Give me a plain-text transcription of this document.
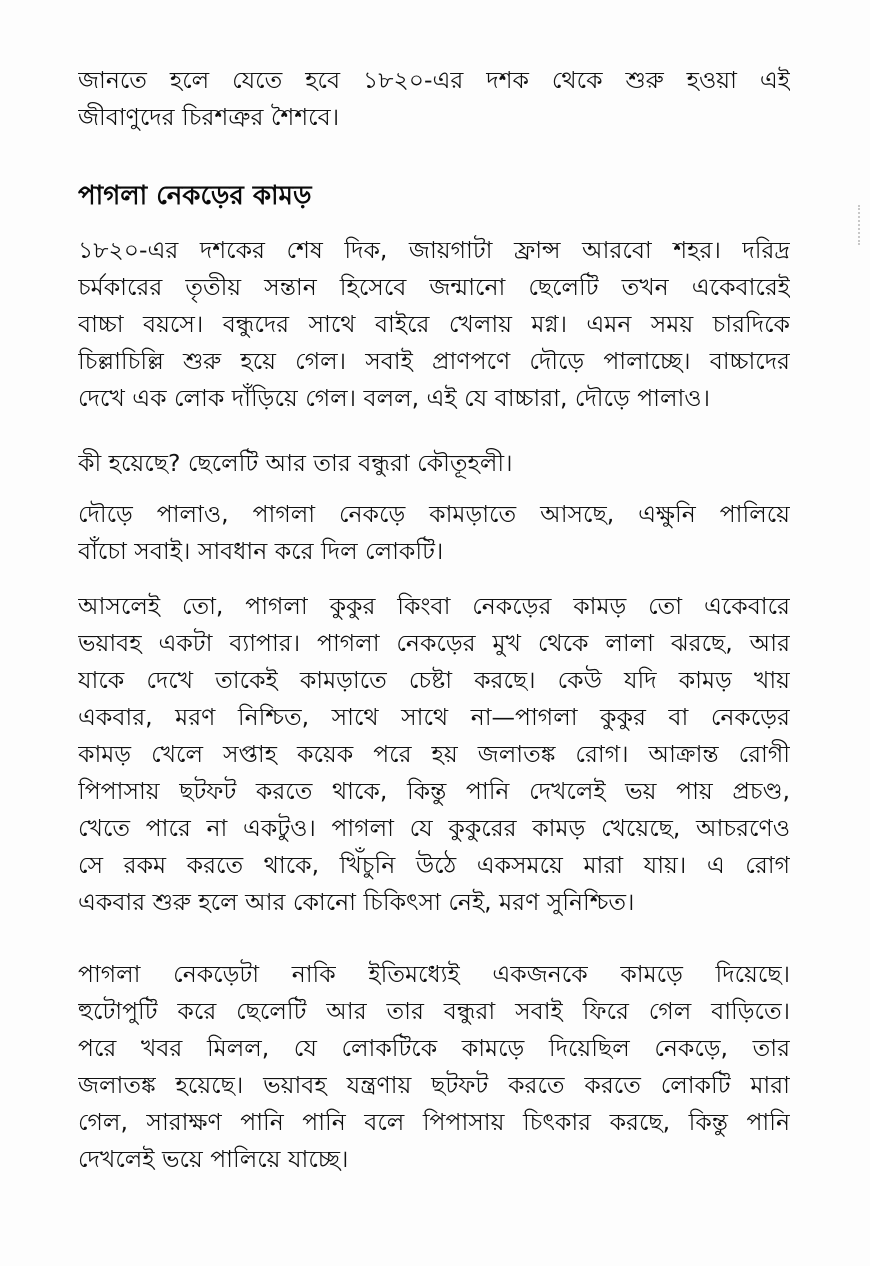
জানতে হলে যেতে হবে ১৮২০-এর দশক থেকে শুরু হওয়া এই
জীবাণুদের চিরশত্রুর শৈশবে।
পাগলা নেকড়ের কামড়
১৮২০-এর দশকের শেষ দিক, জায়গাটা ফ্রান্স আরবো শহর। দরিদ্র
চর্মকারের তৃতীয় সন্তান হিসেবে জন্মানো ছেলেটি তখন একেবারেই
বাচ্চা বয়সে। বন্ধুদের সাথে বাইরে খেলায় মগ্ন। এমন সময় চারদিকে
চিল্লাচিল্লি শুরু হয়ে গেল। সবাই প্রাণপণে দৌড়ে পালাচ্ছে। বাচ্চাদের
দেখে এক লোক দাঁড়িয়ে গেল। বলল, এই যে বাচ্চারা, দৌড়ে পালাও।
কী হয়েছে? ছেলেটি আর তার বন্ধুরা কৌতূহলী।
দৌড়ে পালাও, পাগলা নেকড়ে কামড়াতে আসছে, এক্ষুনি পালিয়ে
বাঁচো সবাই। সাবধান করে দিল লোকটি।
আসলেই তো, পাগলা কুকুর কিংবা নেকড়ের কামড় তো একেবারে
ভয়াবহ একটা ব্যাপার। পাগলা নেকড়ের মুখ থেকে লালা ঝরছে, আর
যাকে দেখে তাকেই কামড়াতে চেষ্টা করছে। কেউ যদি কামড় খায়
একবার, মরণ নিশ্চিত, সাথে সাথে না—পাগলা কুকুর বা নেকড়ের
কামড় খেলে সপ্তাহ কয়েক পরে হয় জলাতঙ্ক রোগ। আক্রান্ত রোগী
পিপাসায় ছটফট করতে থাকে, কিন্তু পানি দেখলেই ভয় পায় প্রচণ্ড,
খেতে পারে না একটুও। পাগলা যে কুকুরের কামড় খেয়েছে, আচরণেও
সে রকম করতে থাকে, খিঁচুনি উঠে একসময়ে মারা যায়। এ রোগ
একবার শুরু হলে আর কোনো চিকিৎসা নেই, মরণ সুনিশ্চিত।
পাগলা নেকড়েটা নাকি ইতিমধ্যেই একজনকে কামড়ে দিয়েছে।
হুটোপুটি করে ছেলেটি আর তার বন্ধুরা সবাই ফিরে গেল বাড়িতে।
পরে খবর মিলল, যে লোকটিকে কামড়ে দিয়েছিল নেকড়ে, তার
জলাতঙ্ক হয়েছে। ভয়াবহ যন্ত্রণায় ছটফট করতে করতে লোকটি মারা
গেল, সারাক্ষণ পানি পানি বলে পিপাসায় চিৎকার করছে, কিন্তু পানি
দেখলেই ভয়ে পালিয়ে যাচ্ছে।
